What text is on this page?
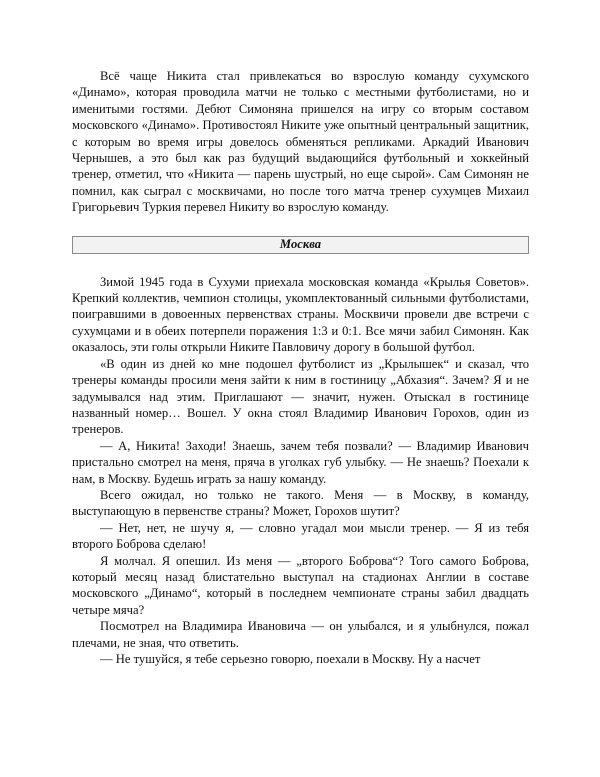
Всё чаще Никита стал привлекаться во взрослую команду сухумского «Динамо», которая проводила матчи не только с местными футболистами, но и именитыми гостями. Дебют Симоняна пришелся на игру со вторым составом московского «Динамо». Противостоял Никите уже опытный центральный защитник, с которым во время игры довелось обменяться репликами. Аркадий Иванович Чернышев, а это был как раз будущий выдающийся футбольный и хоккейный тренер, отметил, что «Никита — парень шустрый, но еще сырой». Сам Симонян не помнил, как сыграл с москвичами, но после того матча тренер сухумцев Михаил Григорьевич Туркия перевел Никиту во взрослую команду.

Москва

Зимой 1945 года в Сухуми приехала московская команда «Крылья Советов». Крепкий коллектив, чемпион столицы, укомплектованный сильными футболистами, поигравшими в довоенных первенствах страны. Москвичи провели две встречи с сухумцами и в обеих потерпели поражения 1:3 и 0:1. Все мячи забил Симонян. Как оказалось, эти голы открыли Никите Павловичу дорогу в большой футбол.

«В один из дней ко мне подошел футболист из „Крылышек“ и сказал, что тренеры команды просили меня зайти к ним в гостиницу „Абхазия“. Зачем? Я и не задумывался над этим. Приглашают — значит, нужен. Отыскал в гостинице названный номер… Вошел. У окна стоял Владимир Иванович Горохов, один из тренеров.

— А, Никита! Заходи! Знаешь, зачем тебя позвали? — Владимир Иванович пристально смотрел на меня, пряча в уголках губ улыбку. — Не знаешь? Поехали к нам, в Москву. Будешь играть за нашу команду.

Всего ожидал, но только не такого. Меня — в Москву, в команду, выступающую в первенстве страны? Может, Горохов шутит?

— Нет, нет, не шучу я, — словно угадал мои мысли тренер. — Я из тебя второго Боброва сделаю!

Я молчал. Я опешил. Из меня — „второго Боброва“? Того самого Боброва, который месяц назад блистательно выступал на стадионах Англии в составе московского „Динамо“, который в последнем чемпионате страны забил двадцать четыре мяча?

Посмотрел на Владимира Ивановича — он улыбался, и я улыбнулся, пожал плечами, не зная, что ответить.

— Не тушуйся, я тебе серьезно говорю, поехали в Москву. Ну а насчет
